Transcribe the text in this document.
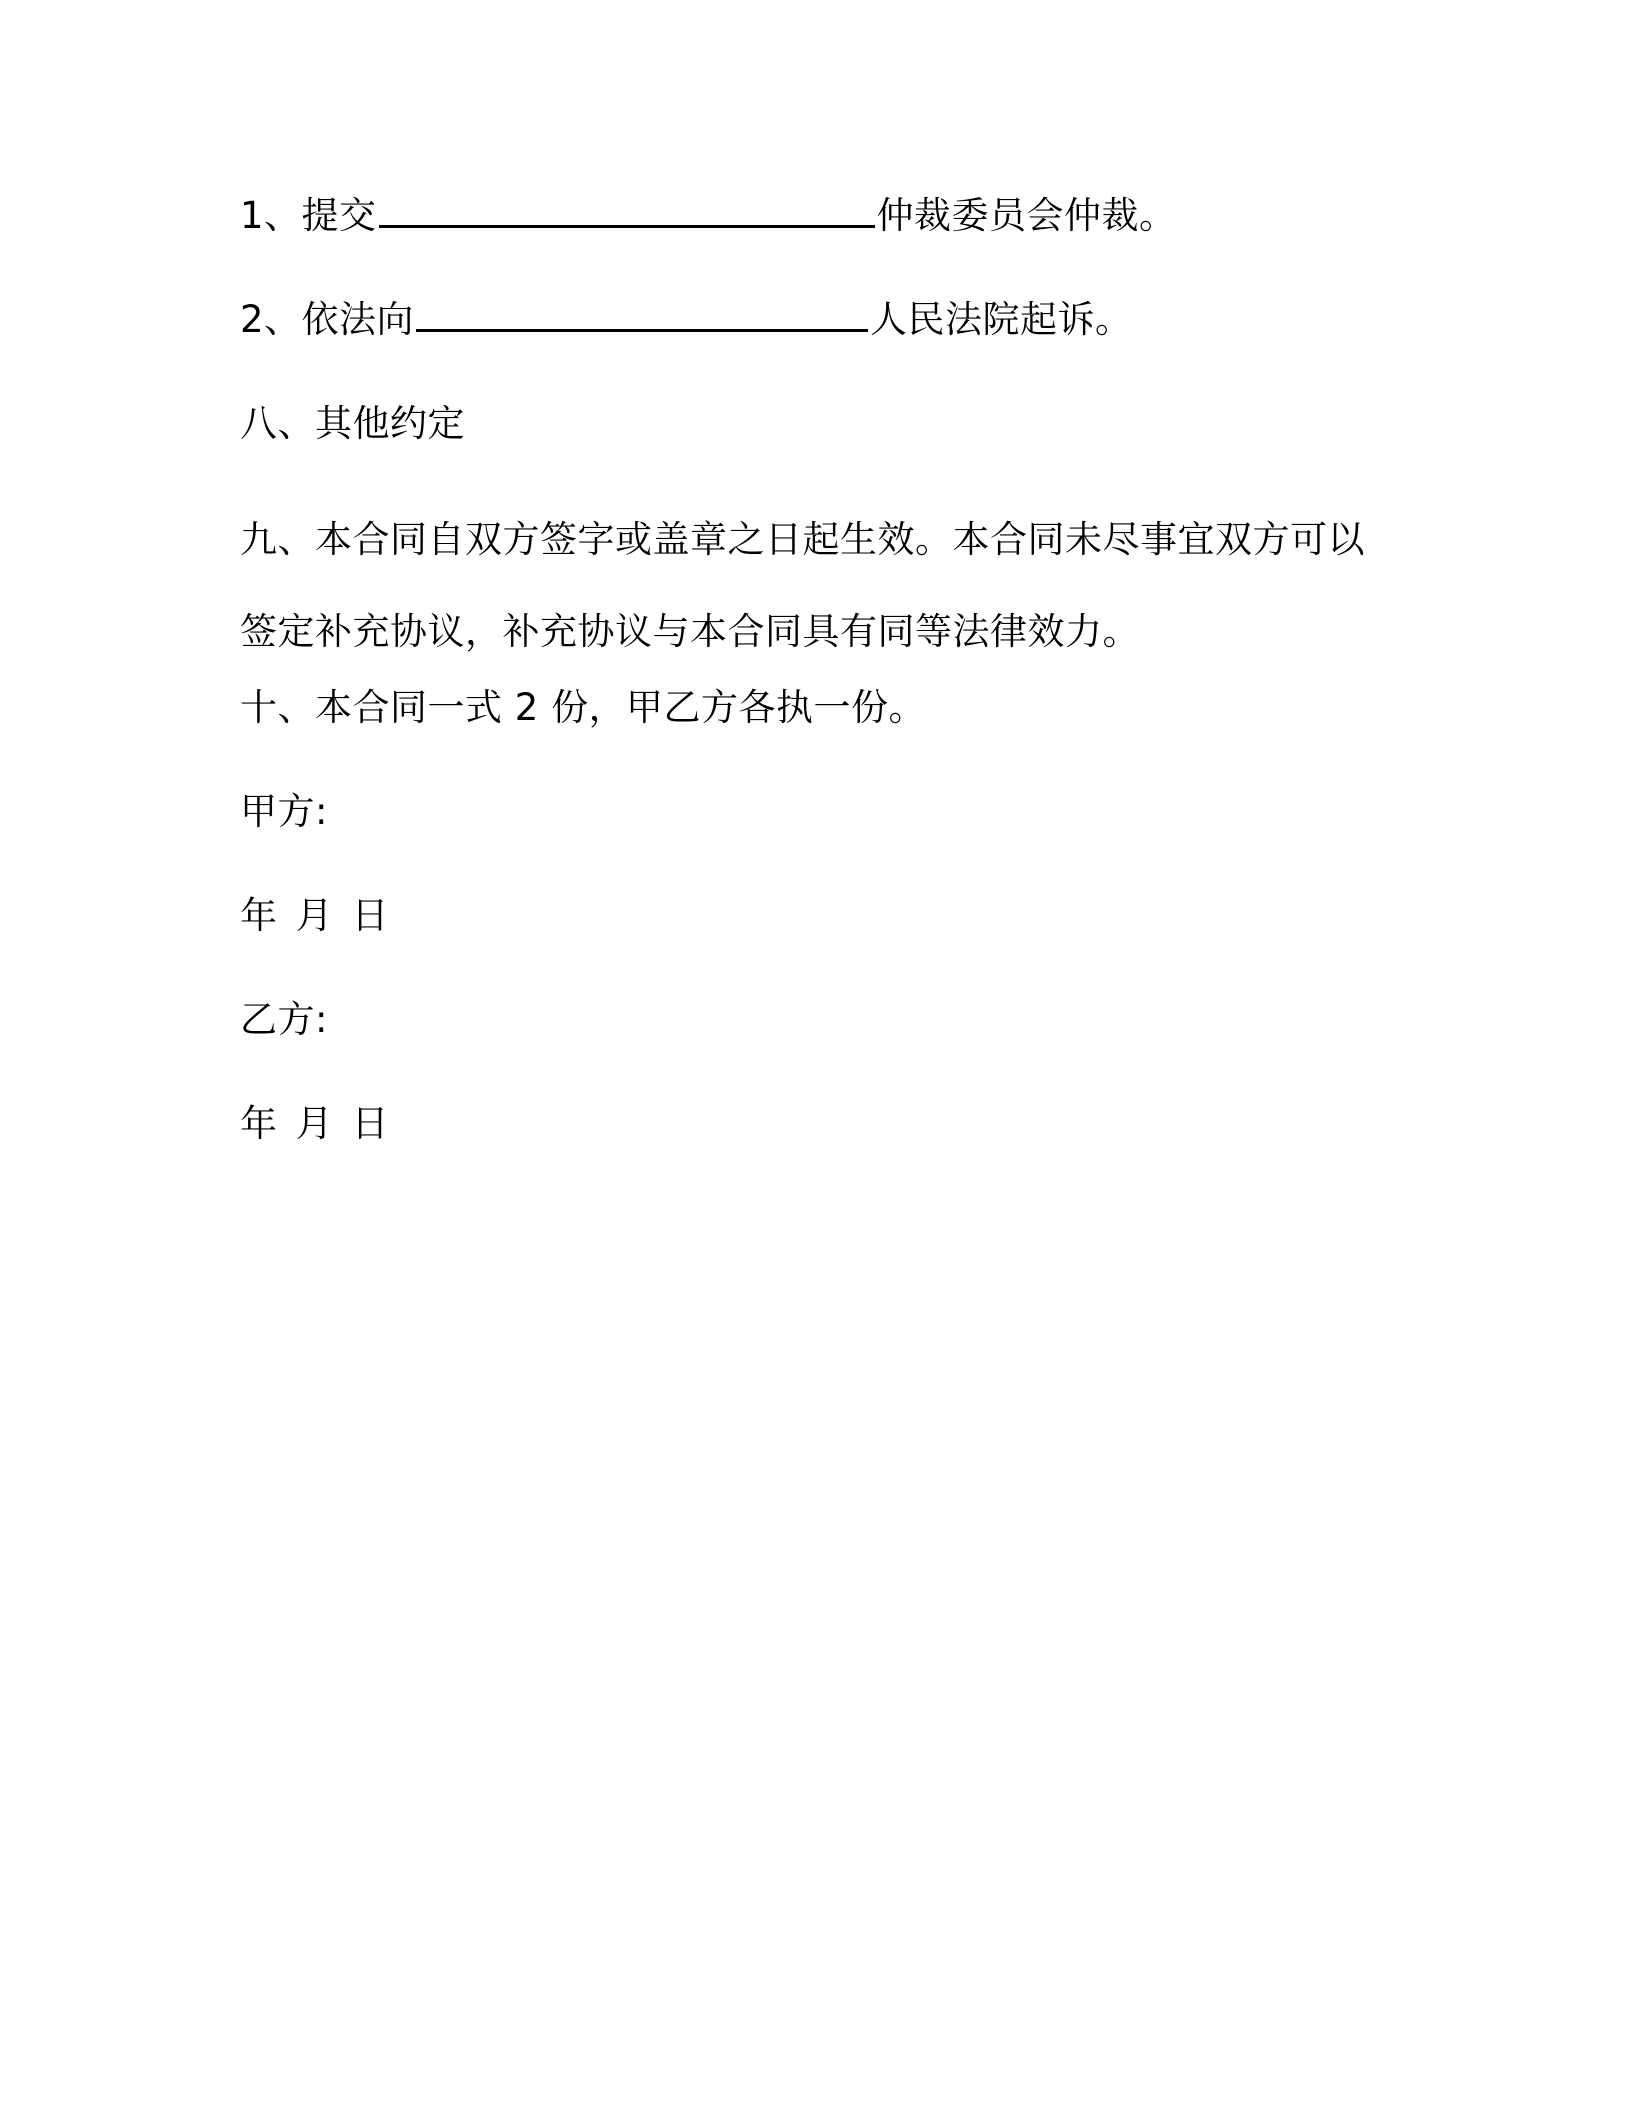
1、提交	仲裁委员会仲裁。
2、依法向	人民法院起诉。
八、其他约定
九、本合同自双方签字或盖章之日起生效。本合同未尽事宜双方可以签定补充协议，补充协议与本合同具有同等法律效力。
十、本合同一式 2 份，甲乙方各执一份。
甲方:
年 月 日
乙方:
年 月 日
